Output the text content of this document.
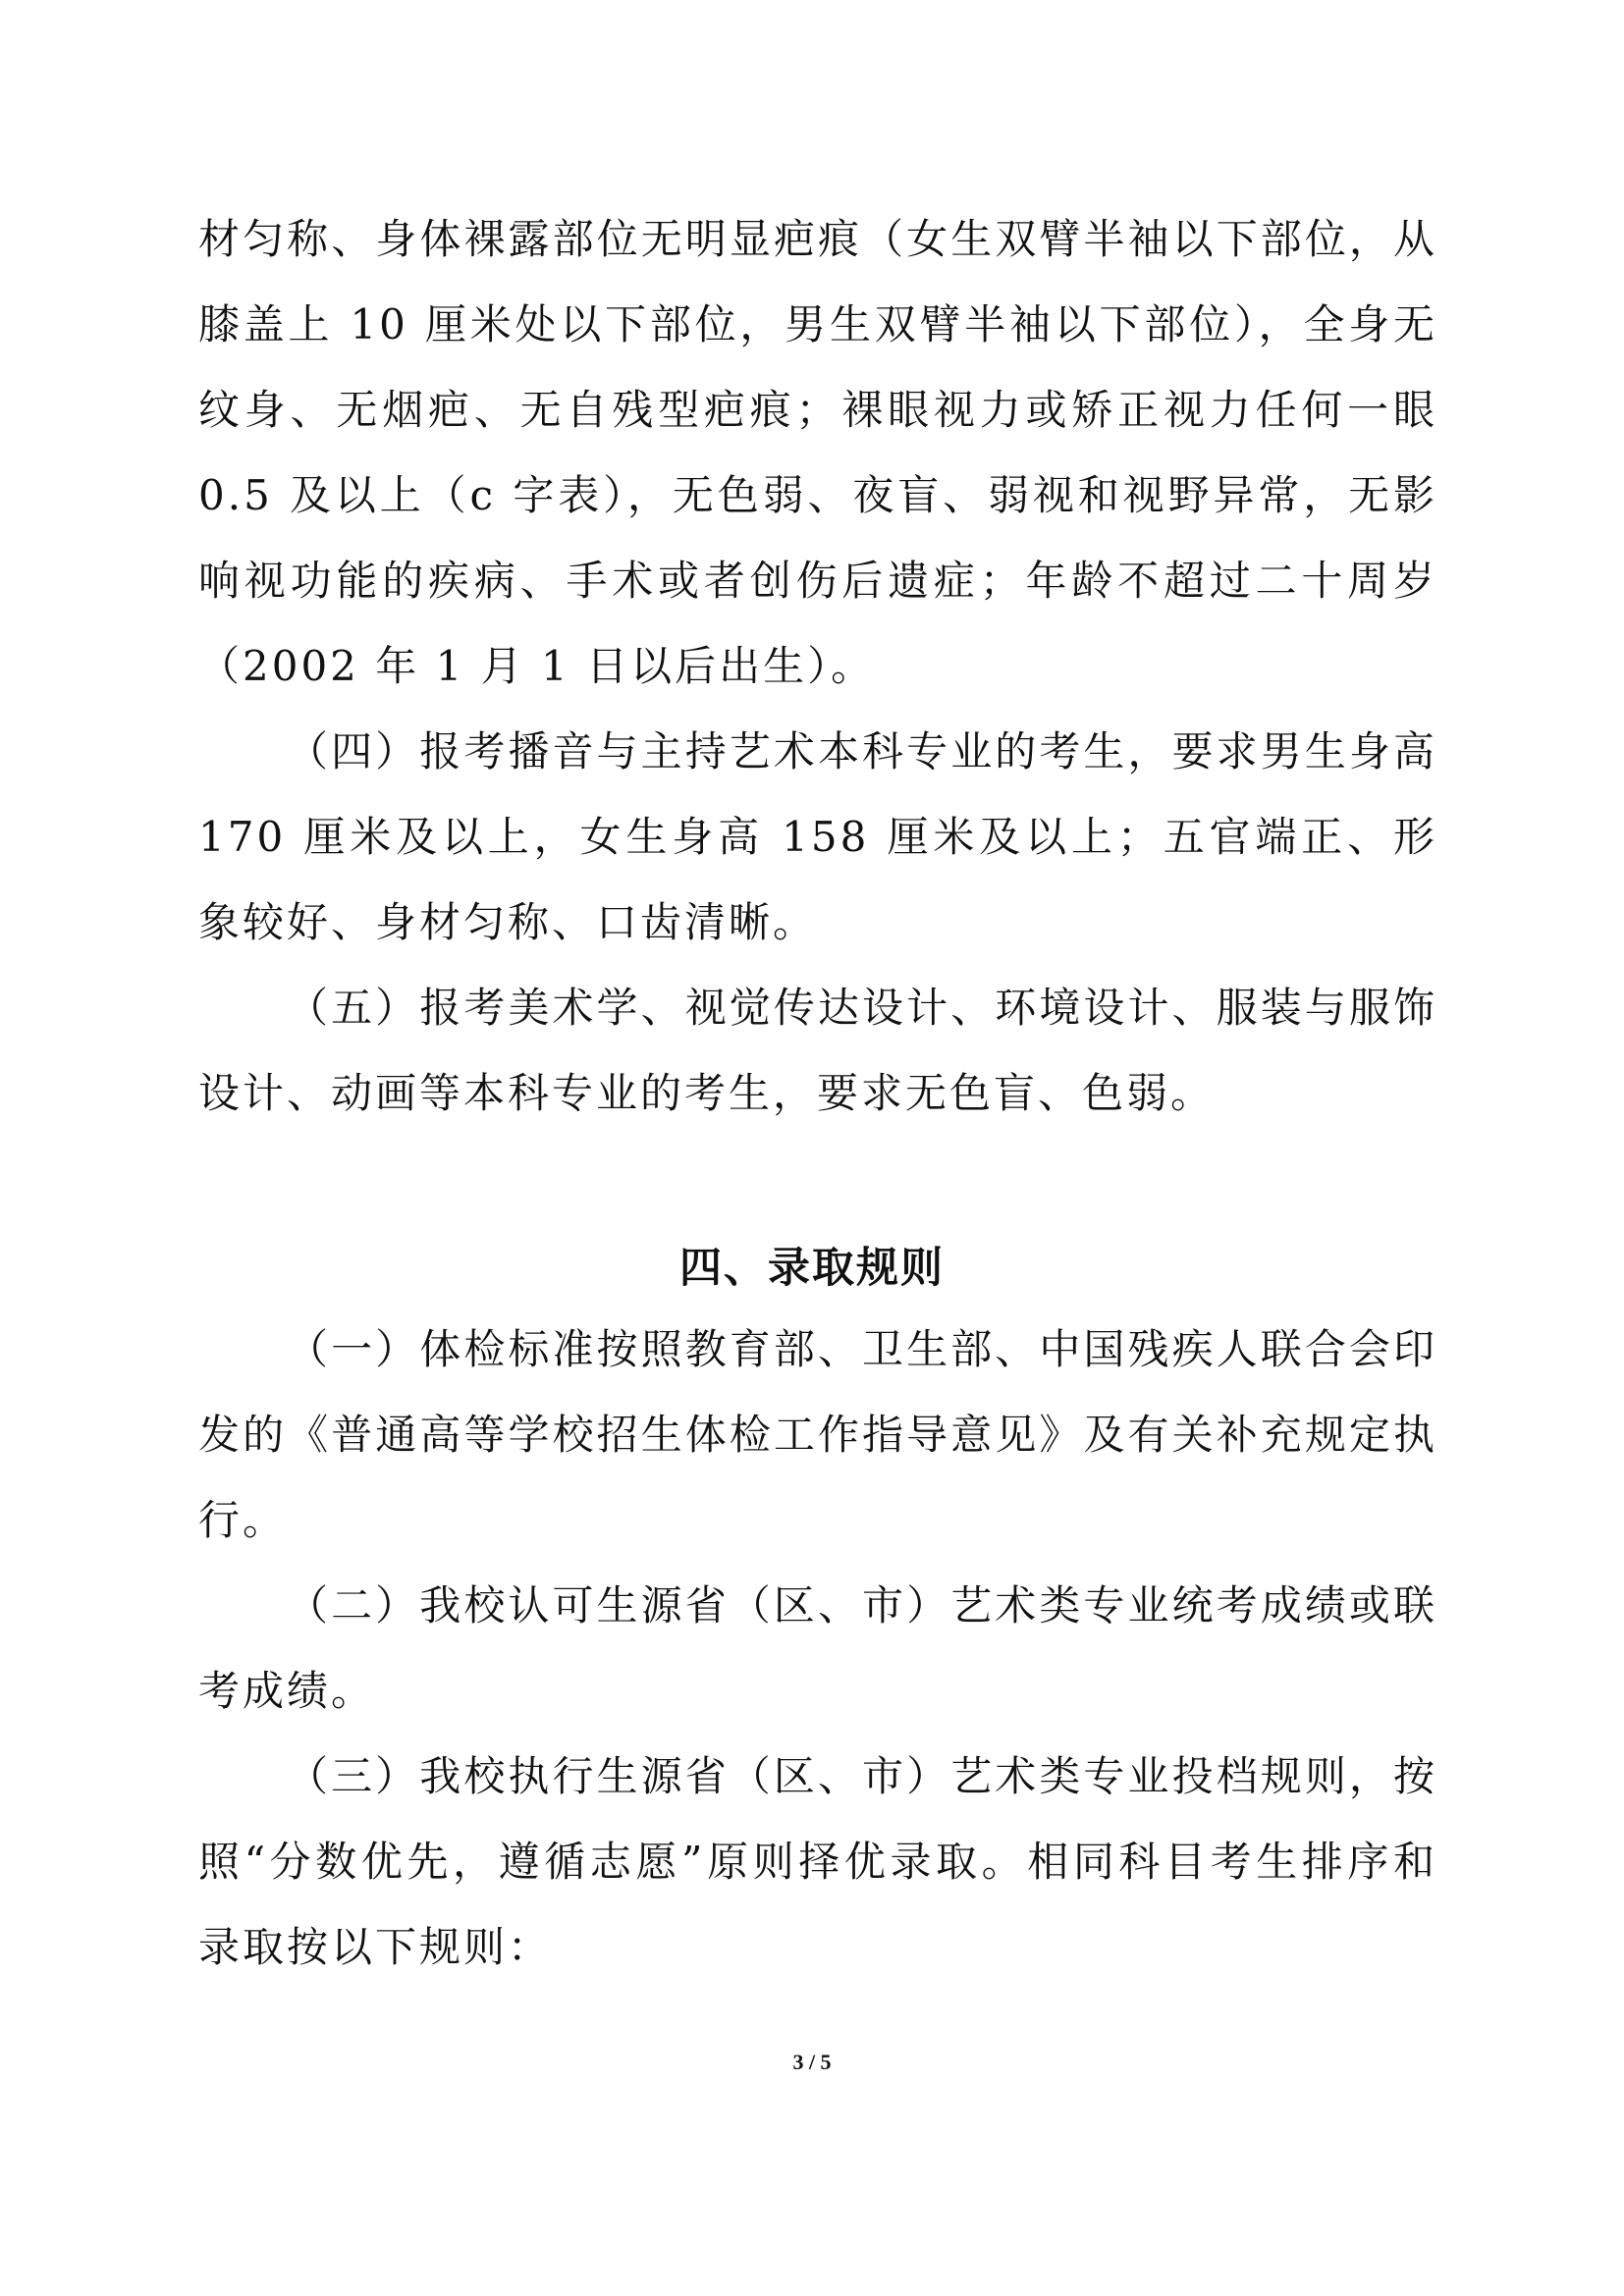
材匀称、身体裸露部位无明显疤痕（女生双臂半袖以下部位，从膝盖上 10 厘米处以下部位，男生双臂半袖以下部位），全身无纹身、无烟疤、无自残型疤痕；裸眼视力或矫正视力任何一眼 0.5 及以上（c 字表），无色弱、夜盲、弱视和视野异常，无影响视功能的疾病、手术或者创伤后遗症；年龄不超过二十周岁（2002 年 1 月 1 日以后出生）。

（四）报考播音与主持艺术本科专业的考生，要求男生身高 170 厘米及以上，女生身高 158 厘米及以上；五官端正、形象较好、身材匀称、口齿清晰。

（五）报考美术学、视觉传达设计、环境设计、服装与服饰设计、动画等本科专业的考生，要求无色盲、色弱。

四、录取规则

（一）体检标准按照教育部、卫生部、中国残疾人联合会印发的《普通高等学校招生体检工作指导意见》及有关补充规定执行。

（二）我校认可生源省（区、市）艺术类专业统考成绩或联考成绩。

（三）我校执行生源省（区、市）艺术类专业投档规则，按照“分数优先，遵循志愿”原则择优录取。相同科目考生排序和录取按以下规则：

3 / 5
